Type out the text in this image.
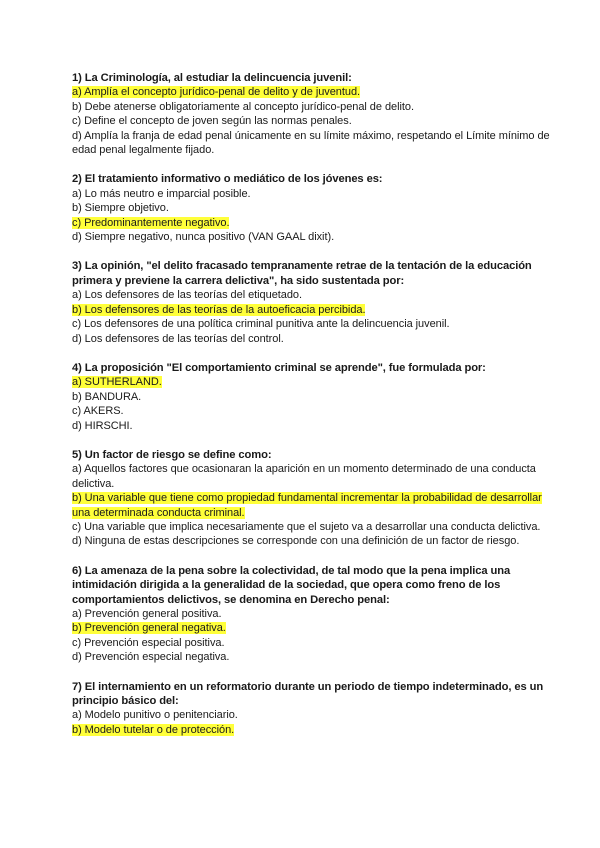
1) La Criminología, al estudiar la delincuencia juvenil:
a) Amplía el concepto jurídico-penal de delito y de juventud.
b) Debe atenerse obligatoriamente al concepto jurídico-penal de delito.
c) Define el concepto de joven según las normas penales.
d) Amplía la franja de edad penal únicamente en su límite máximo, respetando el Límite mínimo de edad penal legalmente fijado.
2) El tratamiento informativo o mediático de los jóvenes es:
a) Lo más neutro e imparcial posible.
b) Siempre objetivo.
c) Predominantemente negativo.
d) Siempre negativo, nunca positivo (VAN GAAL dixit).
3) La opinión, "el delito fracasado tempranamente retrae de la tentación de la educación primera y previene la carrera delictiva", ha sido sustentada por:
a) Los defensores de las teorías del etiquetado.
b) Los defensores de las teorías de la autoeficacia percibida.
c) Los defensores de una política criminal punitiva ante la delincuencia juvenil.
d) Los defensores de las teorías del control.
4) La proposición "El comportamiento criminal se aprende", fue formulada por:
a) SUTHERLAND.
b) BANDURA.
c) AKERS.
d) HIRSCHI.
5) Un factor de riesgo se define como:
a) Aquellos factores que ocasionaran la aparición en un momento determinado de una conducta delictiva.
b) Una variable que tiene como propiedad fundamental incrementar la probabilidad de desarrollar una determinada conducta criminal.
c) Una variable que implica necesariamente que el sujeto va a desarrollar una conducta delictiva.
d) Ninguna de estas descripciones se corresponde con una definición de un factor de riesgo.
6) La amenaza de la pena sobre la colectividad, de tal modo que la pena implica una intimidación dirigida a la generalidad de la sociedad, que opera como freno de los comportamientos delictivos, se denomina en Derecho penal:
a) Prevención general positiva.
b) Prevención general negativa.
c) Prevención especial positiva.
d) Prevención especial negativa.
7) El internamiento en un reformatorio durante un periodo de tiempo indeterminado, es un principio básico del:
a) Modelo punitivo o penitenciario.
b) Modelo tutelar o de protección.
